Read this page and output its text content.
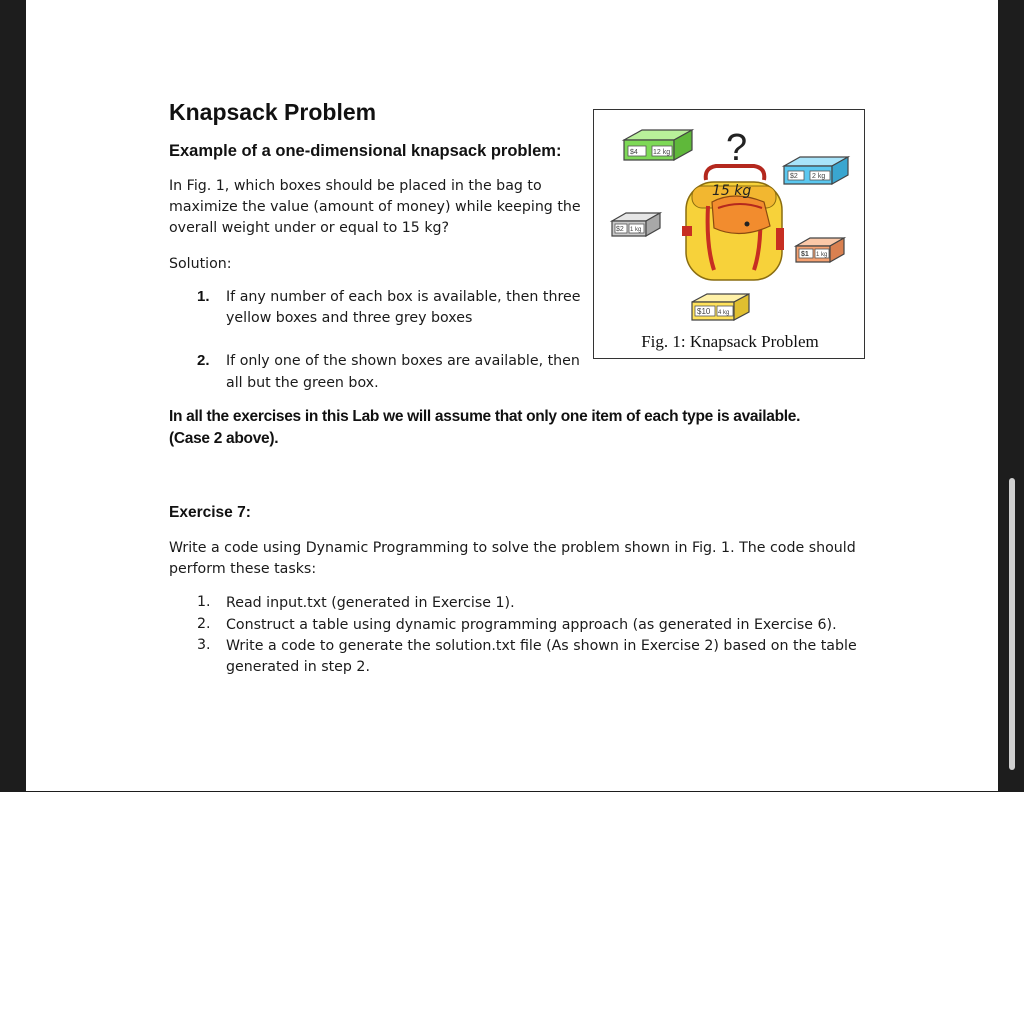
Knapsack Problem
Example of a one-dimensional knapsack problem:
In Fig. 1, which boxes should be placed in the bag to
maximize the value (amount of money) while keeping the
overall weight under or equal to 15 kg?
Solution:
1. If any number of each box is available, then three
yellow boxes and three grey boxes
2. If only one of the shown boxes are available, then
all but the green box.
In all the exercises in this Lab we will assume that only one item of each type is available.
(Case 2 above).
Exercise 7:
Write a code using Dynamic Programming to solve the problem shown in Fig. 1. The code should
perform these tasks:
1. Read input.txt (generated in Exercise 1).
2. Construct a table using dynamic programming approach (as generated in Exercise 6).
3. Write a code to generate the solution.txt file (As shown in Exercise 2) based on the table
generated in step 2.
?
$4 12 kg
$2 2 kg
$2 1 kg
$1 1 kg
$10 4 kg
15 kg
Fig. 1: Knapsack Problem
